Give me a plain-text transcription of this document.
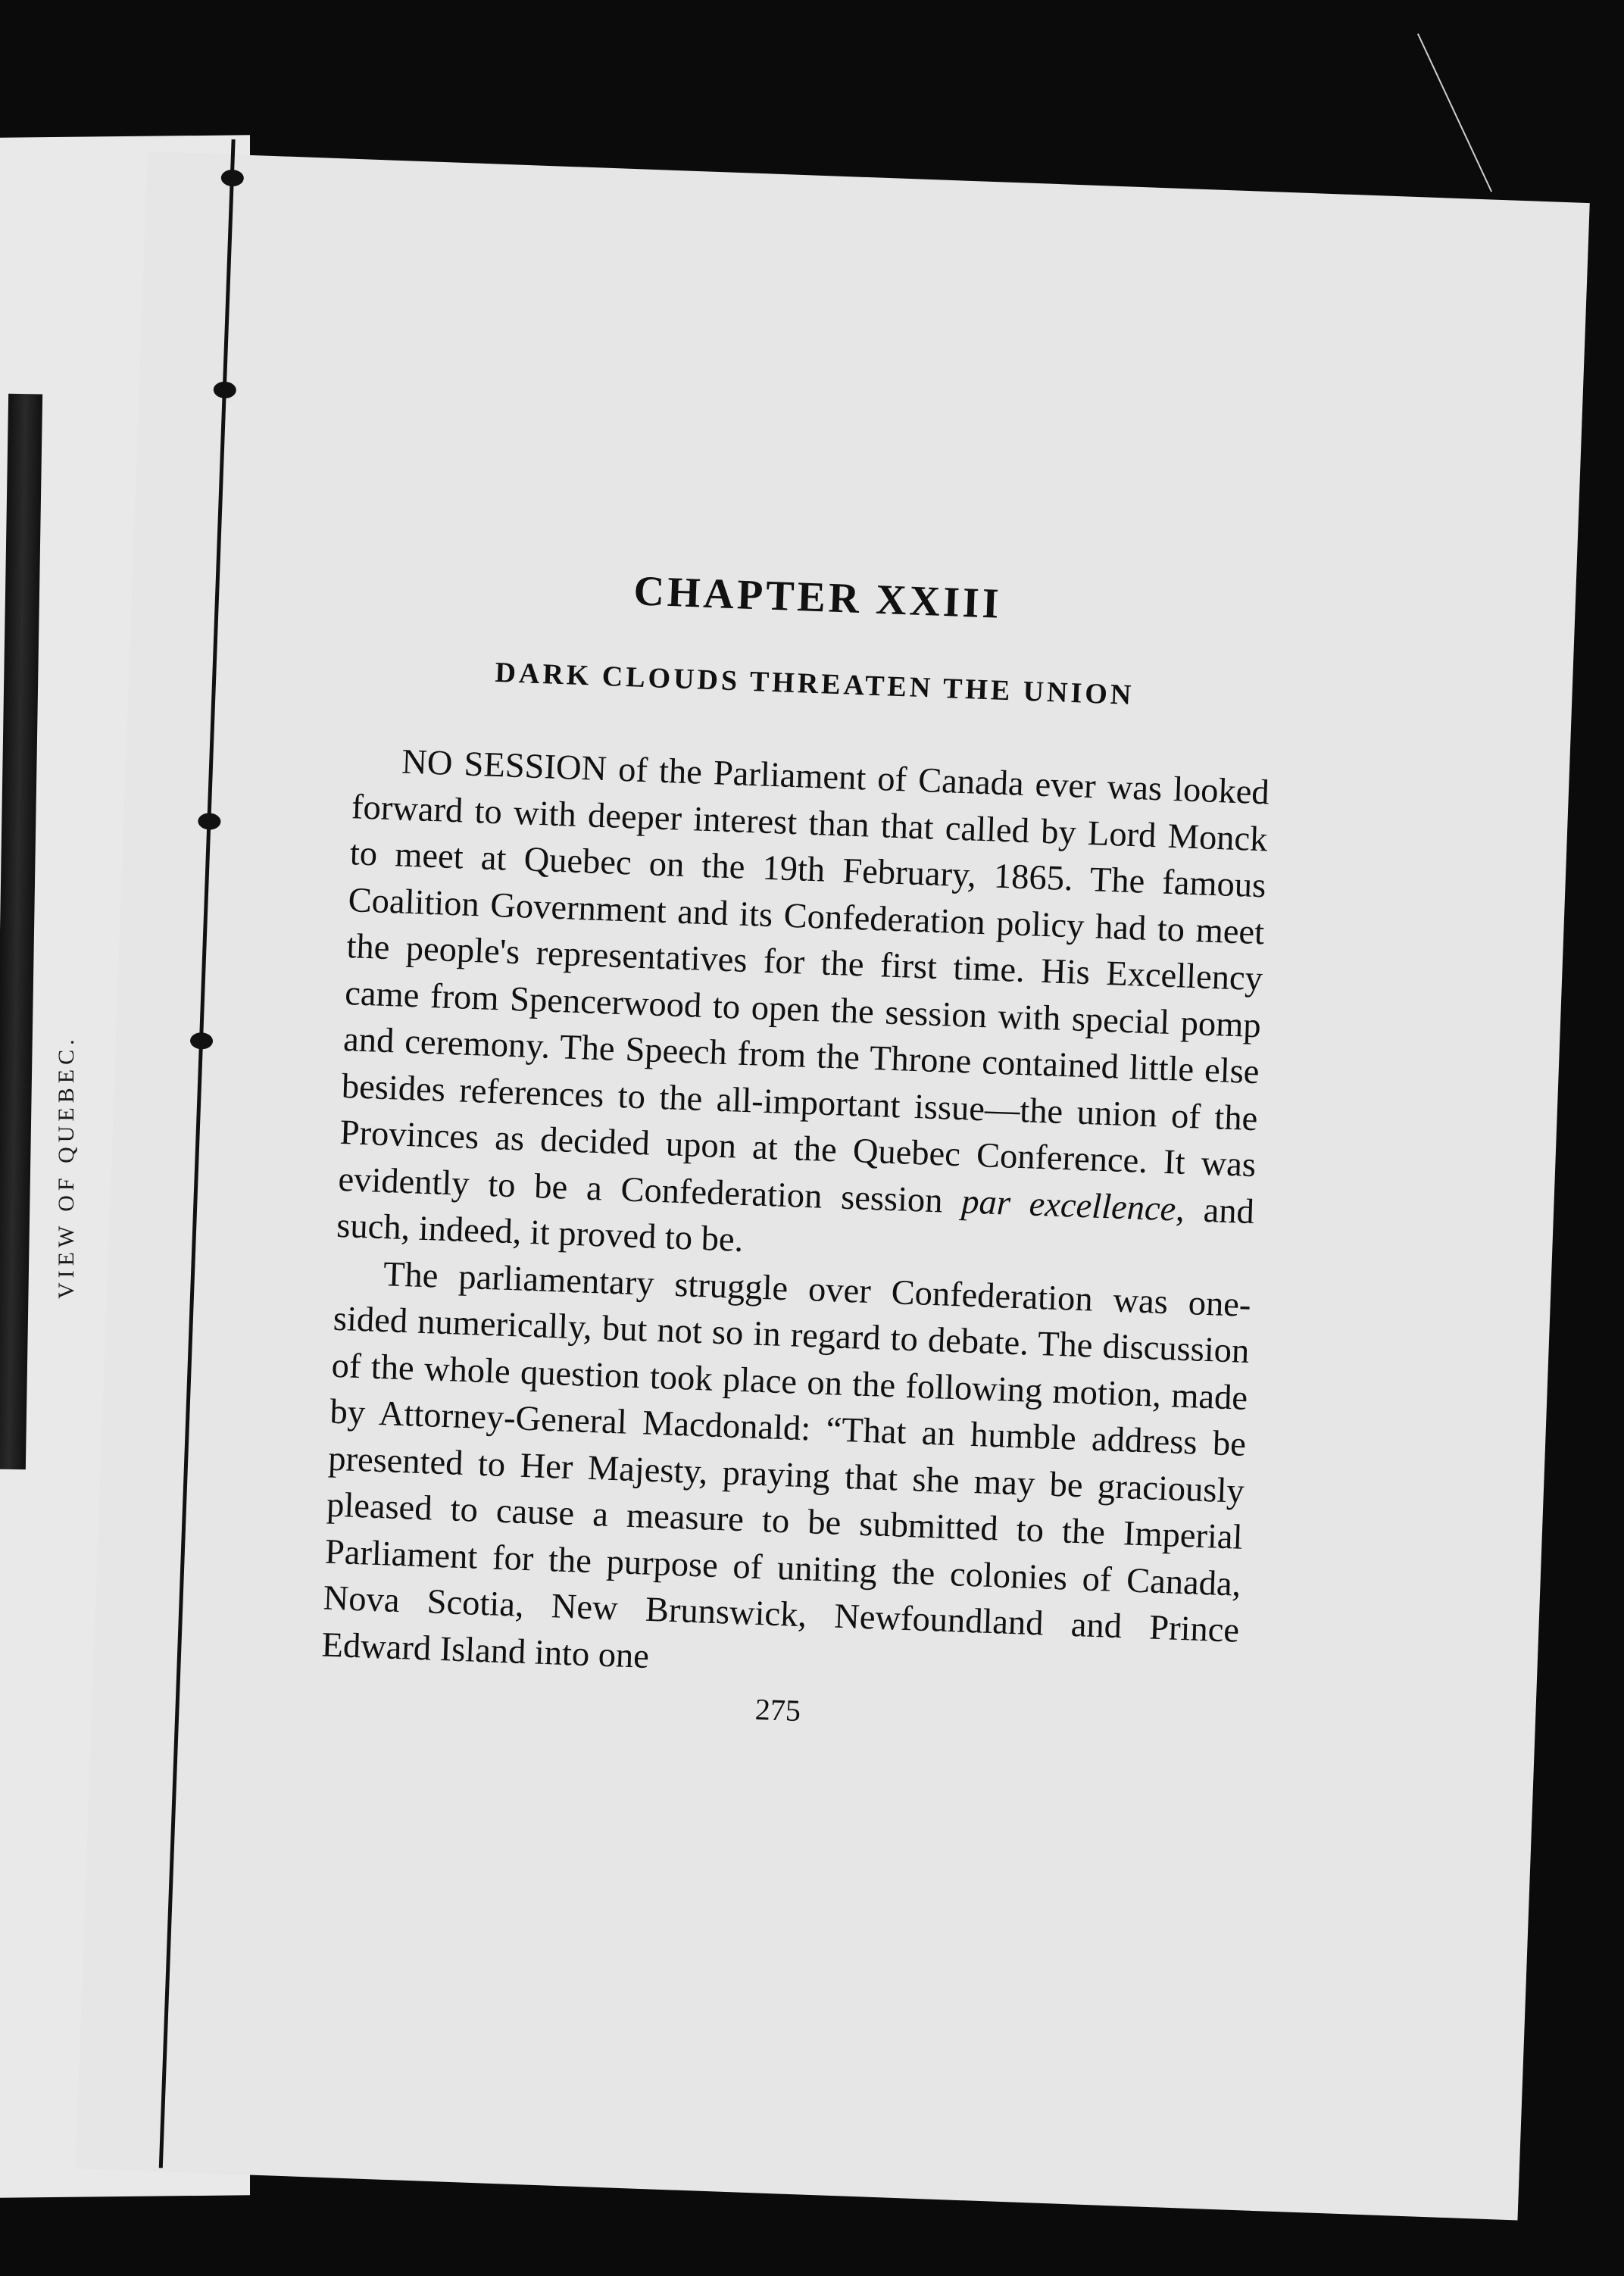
VIEW OF QUEBEC.
CHAPTER XXIII
DARK CLOUDS THREATEN THE UNION

NO SESSION of the Parliament of Canada ever was looked forward to with deeper interest than that called by Lord Monck to meet at Quebec on the 19th February, 1865. The famous Coalition Government and its Confederation policy had to meet the people's representatives for the first time. His Excellency came from Spencerwood to open the session with special pomp and ceremony. The Speech from the Throne contained little else besides references to the all-important issue—the union of the Provinces as decided upon at the Quebec Conference. It was evidently to be a Confederation session par excellence, and such, indeed, it proved to be.

The parliamentary struggle over Confederation was one-sided numerically, but not so in regard to debate. The discussion of the whole question took place on the following motion, made by Attorney-General Macdonald: “That an humble address be presented to Her Majesty, praying that she may be graciously pleased to cause a measure to be submitted to the Imperial Parliament for the purpose of uniting the colonies of Canada, Nova Scotia, New Brunswick, Newfoundland and Prince Edward Island into one

275
